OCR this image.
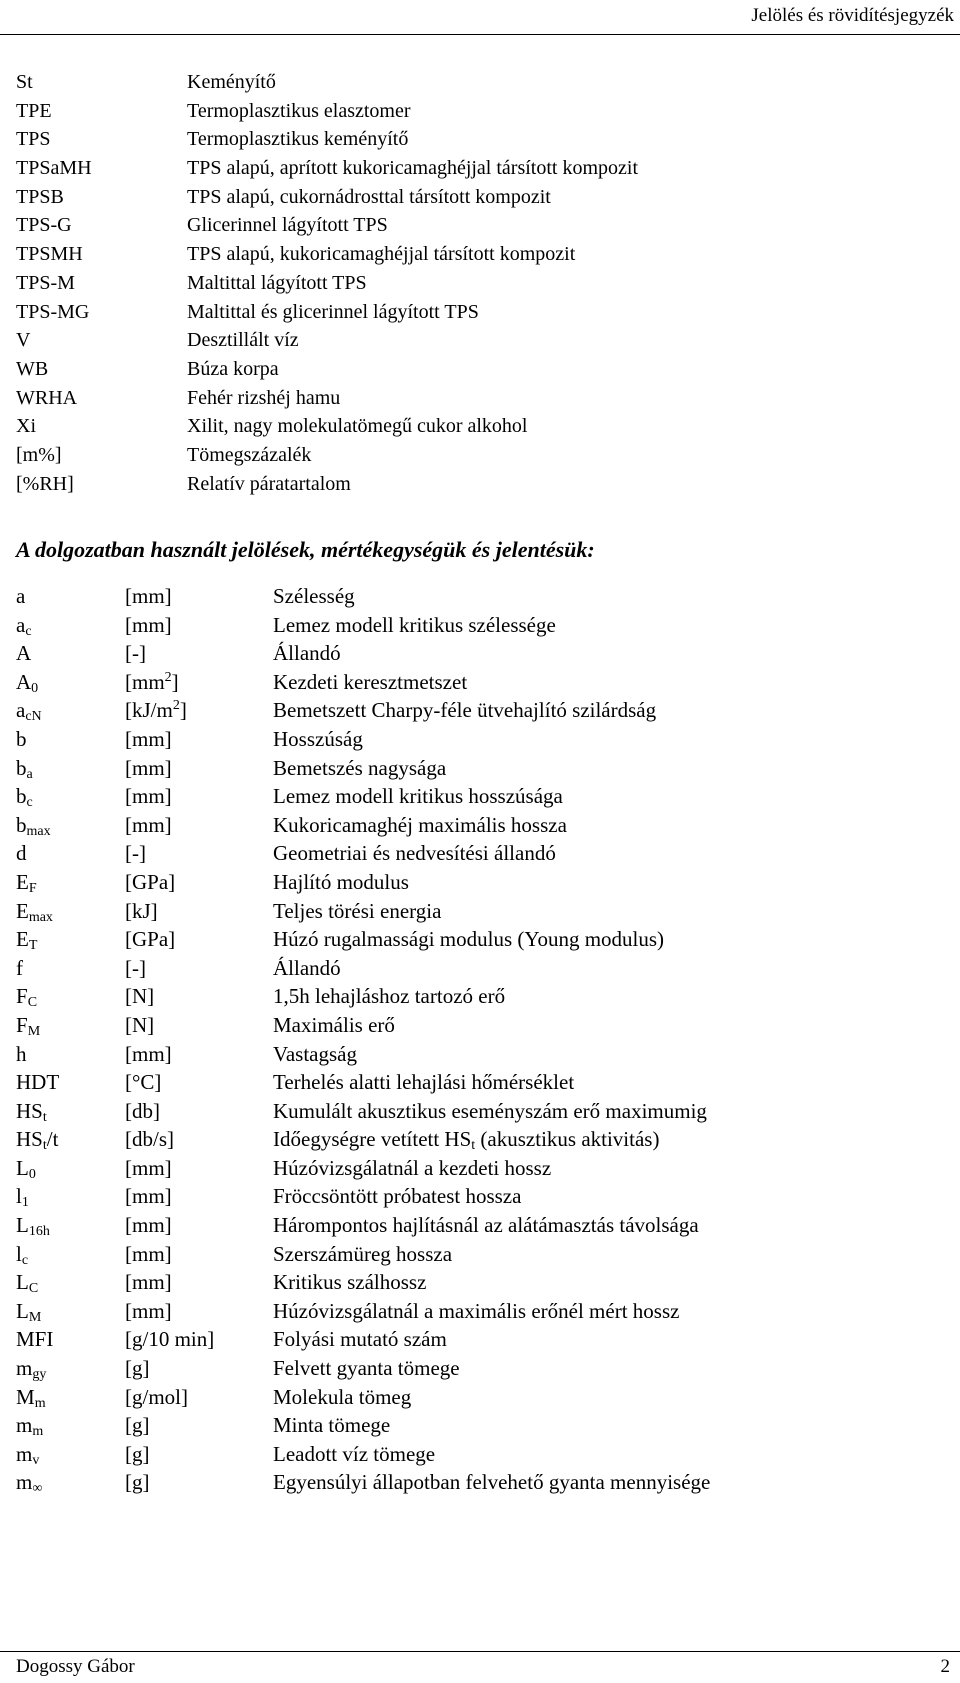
Jelölés és rövidítésjegyzék
St	Keményítő
TPE	Termoplasztikus elasztomer
TPS	Termoplasztikus keményítő
TPSaMH	TPS alapú, aprított kukoricamaghéjjal társított kompozit
TPSB	TPS alapú, cukornádrosttal társított kompozit
TPS-G	Glicerinnel lágyított TPS
TPSMH	TPS alapú, kukoricamaghéjjal társított kompozit
TPS-M	Maltittal lágyított TPS
TPS-MG	Maltittal és glicerinnel lágyított TPS
V	Desztillált víz
WB	Búza korpa
WRHA	Fehér rizshéj hamu
Xi	Xilit, nagy molekulatömegű cukor alkohol
[m%]	Tömegszázalék
[%RH]	Relatív páratartalom
A dolgozatban használt jelölések, mértékegységük és jelentésük:
a	[mm]	Szélesség
$a_c$	[mm]	Lemez modell kritikus szélessége
A	[-]	Állandó
$A_0$	$[mm^2]$	Kezdeti keresztmetszet
$a_{cN}$	$[kJ/m^2]$	Bemetszett Charpy-féle ütvehajlító szilárdság
b	[mm]	Hosszúság
$b_a$	[mm]	Bemetszés nagysága
$b_c$	[mm]	Lemez modell kritikus hosszúsága
$b_{max}$	[mm]	Kukoricamaghéj maximális hossza
d	[-]	Geometriai és nedvesítési állandó
$E_F$	[GPa]	Hajlító modulus
$E_{max}$	[kJ]	Teljes törési energia
$E_T$	[GPa]	Húzó rugalmassági modulus (Young modulus)
f	[-]	Állandó
$F_C$	[N]	1,5h lehajláshoz tartozó erő
$F_M$	[N]	Maximális erő
h	[mm]	Vastagság
HDT	[°C]	Terhelés alatti lehajlási hőmérséklet
$HS_t$	[db]	Kumulált akusztikus eseményszám erő maximumig
$HS_t/t$	[db/s]	Időegységre vetített $HS_t$ (akusztikus aktivitás)
$L_0$	[mm]	Húzóvizsgálatnál a kezdeti hossz
$l_1$	[mm]	Fröccsöntött próbatest hossza
$L_{16h}$	[mm]	Hárompontos hajlításnál az alátámasztás távolsága
$l_c$	[mm]	Szerszámüreg hossza
$L_C$	[mm]	Kritikus szálhossz
$L_M$	[mm]	Húzóvizsgálatnál a maximális erőnél mért hossz
MFI	[g/10 min]	Folyási mutató szám
$m_{gy}$	[g]	Felvett gyanta tömege
$M_m$	[g/mol]	Molekula tömeg
$m_m$	[g]	Minta tömege
$m_v$	[g]	Leadott víz tömege
$m_\infty$	[g]	Egyensúlyi állapotban felvehető gyanta mennyisége
Dogossy Gábor	2
